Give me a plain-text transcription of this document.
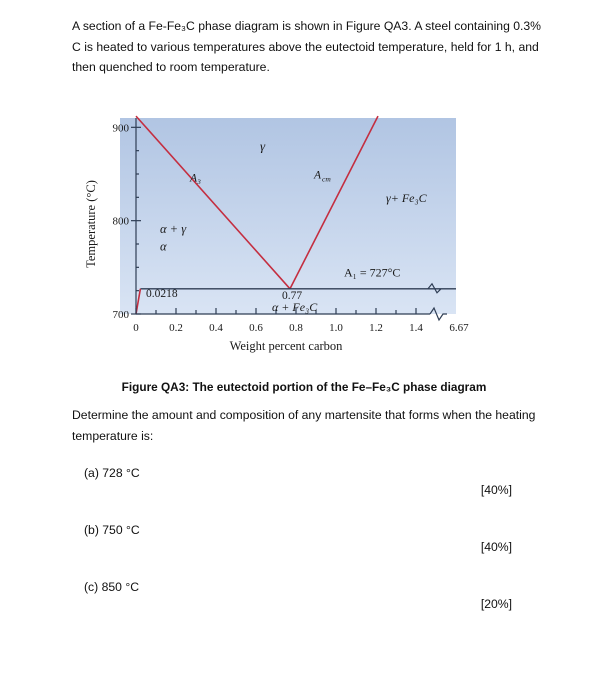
A section of a Fe-Fe₃C phase diagram is shown in Figure QA3. A steel containing 0.3% C is heated to various temperatures above the eutectoid temperature, held for 1 h, and then quenched to room temperature.

700
800
900
0	0.2 0.4 0.6 0.8 1.0 1.2 1.4 6.67
Weight percent carbon
Temperature (°C)
γ
A₃	A cm
γ+ Fe₃C
α + γ
α
A₁ = 727°C
0.0218	0.77
α + Fe₃C

Figure QA3: The eutectoid portion of the Fe–Fe₃C phase diagram

Determine the amount and composition of any martensite that forms when the heating temperature is:

(a) 728 °C
[40%]
(b) 750 °C
[40%]
(c) 850 °C
[20%]
